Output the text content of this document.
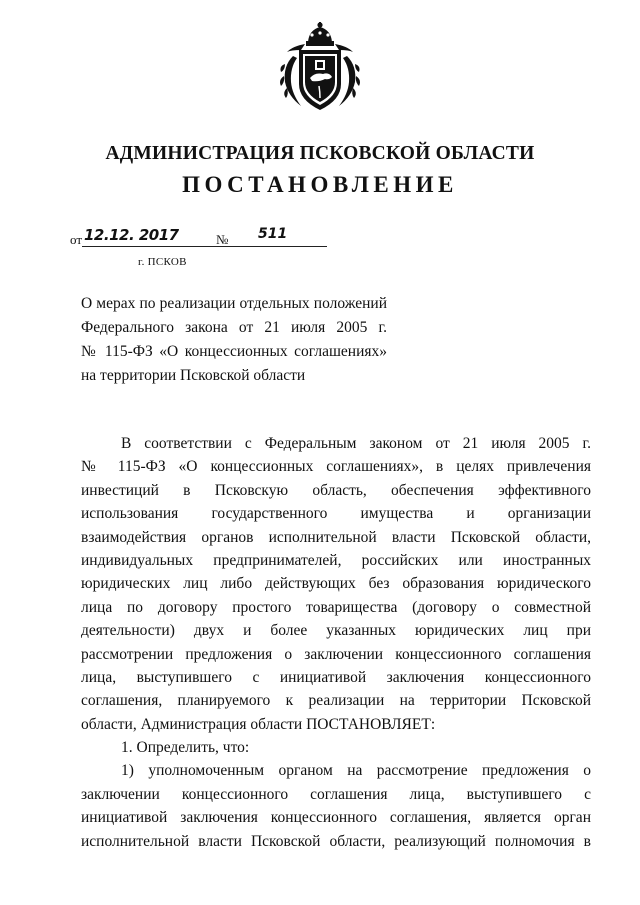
АДМИНИСТРАЦИЯ ПСКОВСКОЙ ОБЛАСТИ
ПОСТАНОВЛЕНИЕ
от 12.12. 2017	№ 511
г. ПСКОВ
О мерах по реализации отдельных положений
Федерального закона от 21 июля 2005 г.
№ 115-ФЗ «О концессионных соглашениях»
на территории Псковской области
В соответствии с Федеральным законом от 21 июля 2005 г.
№ 115-ФЗ «О концессионных соглашениях», в целях привлечения
инвестиций в Псковскую область, обеспечения эффективного
использования государственного имущества и организации
взаимодействия органов исполнительной власти Псковской области,
индивидуальных предпринимателей, российских или иностранных
юридических лиц либо действующих без образования юридического
лица по договору простого товарищества (договору о совместной
деятельности) двух и более указанных юридических лиц при
рассмотрении предложения о заключении концессионного соглашения
лица, выступившего с инициативой заключения концессионного
соглашения, планируемого к реализации на территории Псковской
области, Администрация области ПОСТАНОВЛЯЕТ:
1. Определить, что:
1) уполномоченным органом на рассмотрение предложения о
заключении концессионного соглашения лица, выступившего с
инициативой заключения концессионного соглашения, является орган
исполнительной власти Псковской области, реализующий полномочия в
